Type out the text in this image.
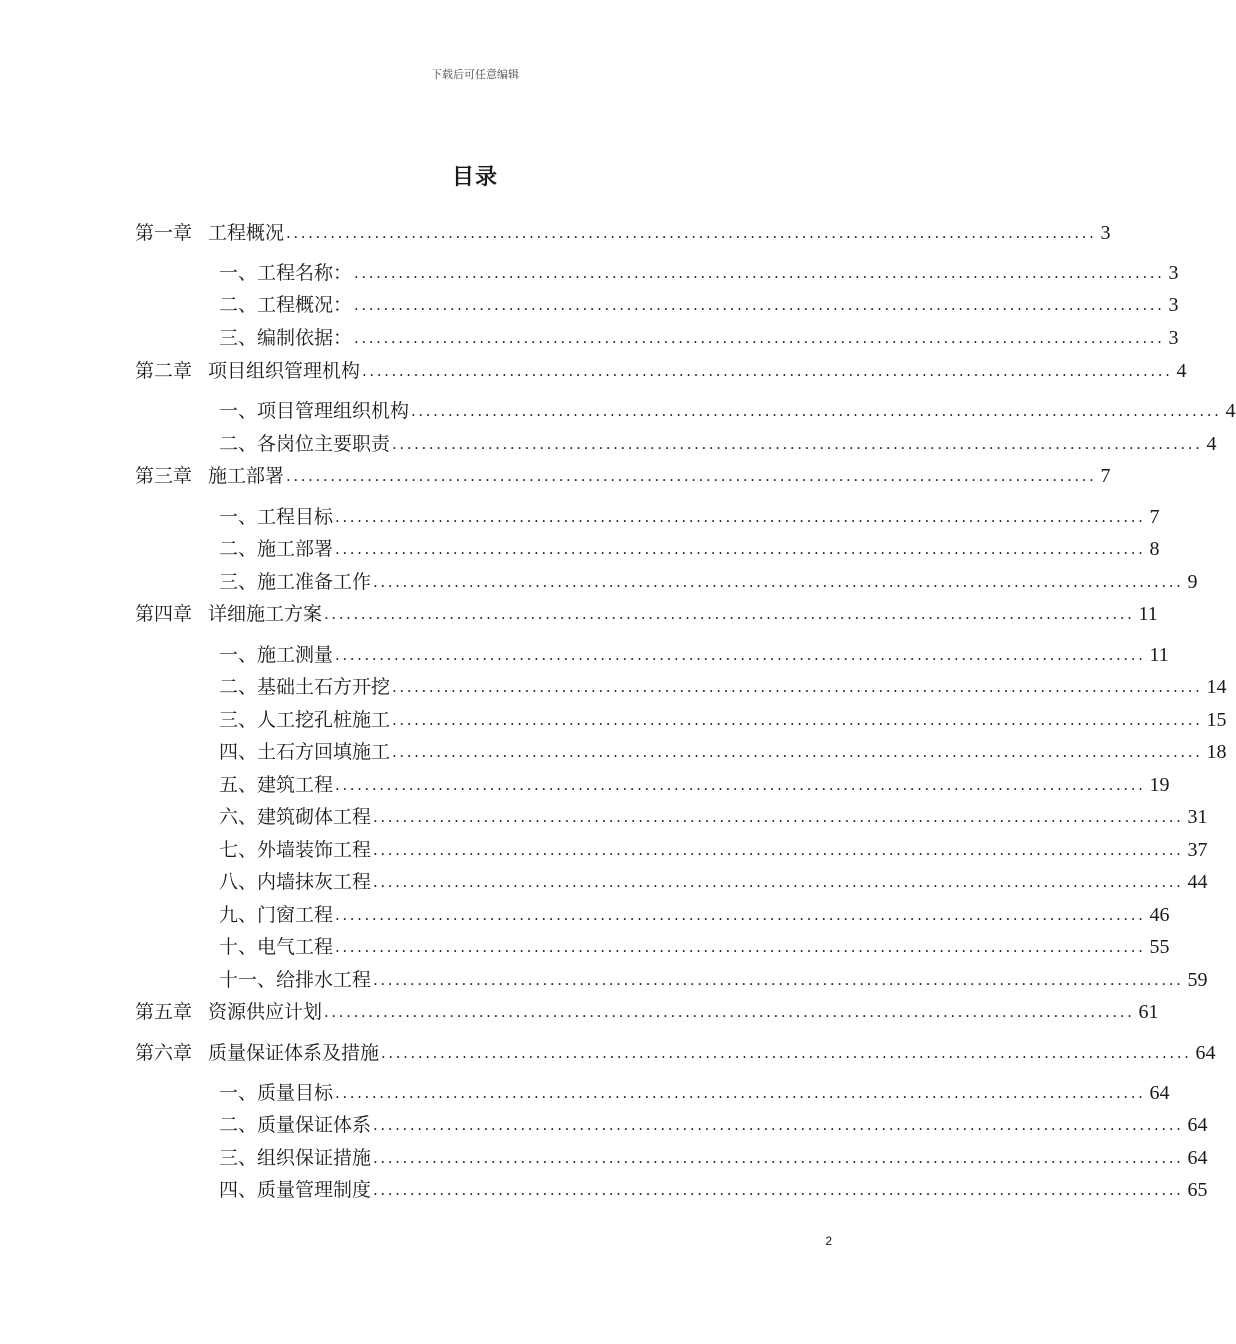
下载后可任意编辑
目录
第一章 工程概况 .............................................................................................................. 3
一、 工程名称： .............................................................................................................. 3
二、 工程概况： .............................................................................................................. 3
三、 编制依据： .............................................................................................................. 3
第二章 项目组织管理机构 .............................................................................................................. 4
一、 项目管理组织机构 .............................................................................................................. 4
二、 各岗位主要职责 .............................................................................................................. 4
第三章 施工部署 .............................................................................................................. 7
一、 工程目标 .............................................................................................................. 7
二、 施工部署 .............................................................................................................. 8
三、 施工准备工作 .............................................................................................................. 9
第四章 详细施工方案 .............................................................................................................. 11
一、 施工测量 .............................................................................................................. 11
二、 基础土石方开挖 .............................................................................................................. 14
三、 人工挖孔桩施工 .............................................................................................................. 15
四、 土石方回填施工 .............................................................................................................. 18
五、 建筑工程 .............................................................................................................. 19
六、 建筑砌体工程 .............................................................................................................. 31
七、 外墙装饰工程 .............................................................................................................. 37
八、 内墙抹灰工程 .............................................................................................................. 44
九、 门窗工程 .............................................................................................................. 46
十、 电气工程 .............................................................................................................. 55
十一、 给排水工程 .............................................................................................................. 59
第五章 资源供应计划 .............................................................................................................. 61
第六章 质量保证体系及措施 .............................................................................................................. 64
一、 质量目标 .............................................................................................................. 64
二、 质量保证体系 .............................................................................................................. 64
三、 组织保证措施 .............................................................................................................. 64
四、 质量管理制度 .............................................................................................................. 65
2
